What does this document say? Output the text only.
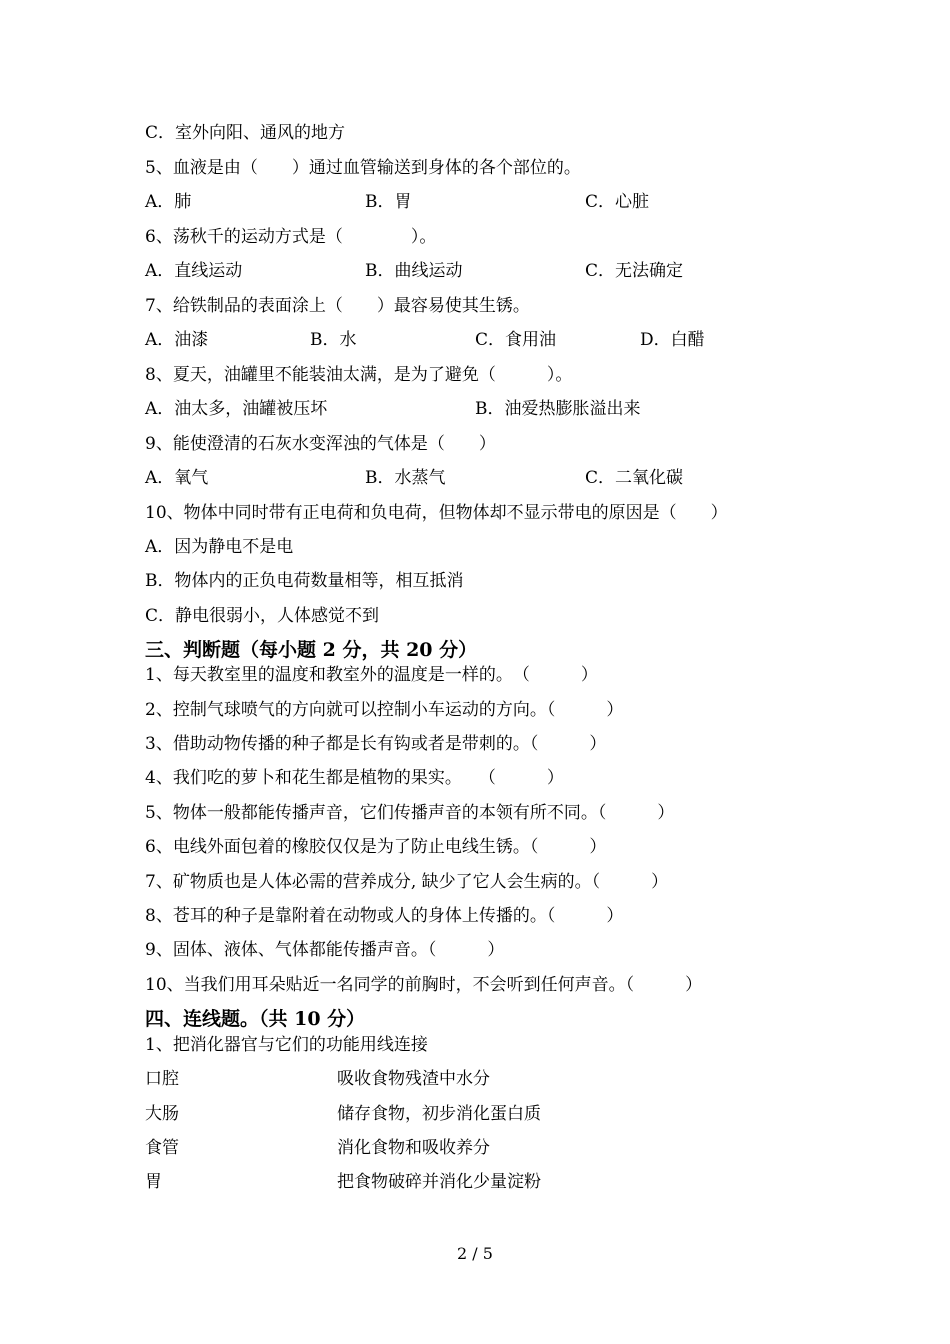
C．室外向阳、通风的地方
5、血液是由（　　）通过血管输送到身体的各个部位的。
A．肺	B．胃	C．心脏
6、荡秋千的运动方式是（　　　　）。
A．直线运动	B．曲线运动	C．无法确定
7、给铁制品的表面涂上（　　）最容易使其生锈。
A．油漆	B．水	C．食用油	D．白醋
8、夏天，油罐里不能装油太满，是为了避免（　　　）。
A．油太多，油罐被压坏	B．油爱热膨胀溢出来
9、能使澄清的石灰水变浑浊的气体是（　　）
A．氧气	B．水蒸气	C．二氧化碳
10、物体中同时带有正电荷和负电荷，但物体却不显示带电的原因是（　　）
A．因为静电不是电
B．物体内的正负电荷数量相等，相互抵消
C．静电很弱小，人体感觉不到
三、判断题（每小题 2 分，共 20 分）
1、每天教室里的温度和教室外的温度是一样的。　（　　　）
2、控制气球喷气的方向就可以控制小车运动的方向。（　　　）
3、借助动物传播的种子都是长有钩或者是带刺的。（　　　）
4、我们吃的萝卜和花生都是植物的果实。　　（　　　）
5、物体一般都能传播声音，它们传播声音的本领有所不同。（　　　）
6、电线外面包着的橡胶仅仅是为了防止电线生锈。（　　　）
7、矿物质也是人体必需的营养成分, 缺少了它人会生病的。（　　　）
8、苍耳的种子是靠附着在动物或人的身体上传播的。（　　　）
9、固体、液体、气体都能传播声音。（　　　）
10、当我们用耳朵贴近一名同学的前胸时，不会听到任何声音。（　　　）
四、连线题。（共 10 分）
1、把消化器官与它们的功能用线连接
口腔	吸收食物残渣中水分
大肠	储存食物，初步消化蛋白质
食管	消化食物和吸收养分
胃	把食物破碎并消化少量淀粉
2 / 5
